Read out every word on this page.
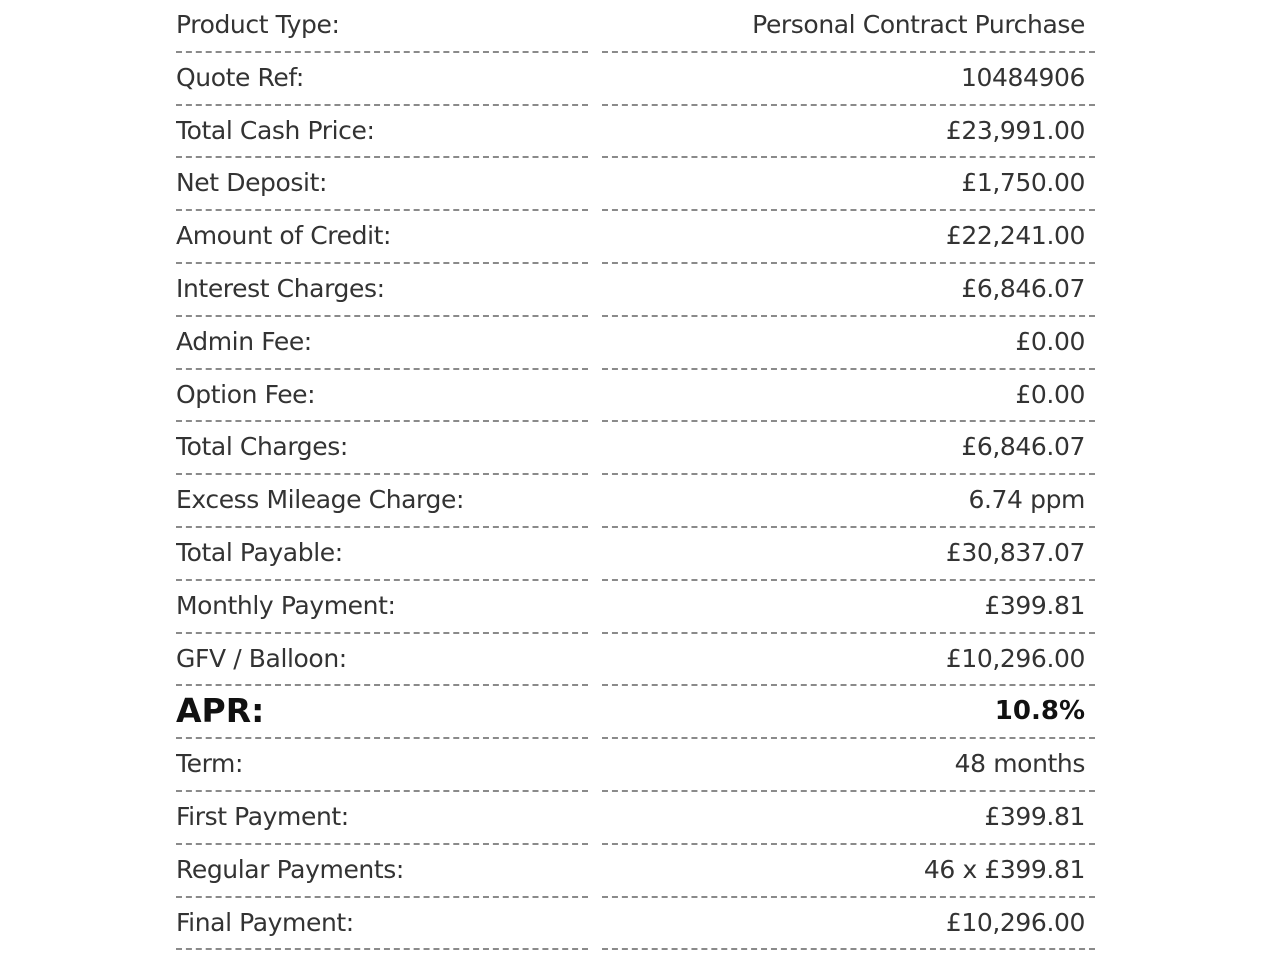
Product Type:	Personal Contract Purchase
Quote Ref:	10484906
Total Cash Price:	£23,991.00
Net Deposit:	£1,750.00
Amount of Credit:	£22,241.00
Interest Charges:	£6,846.07
Admin Fee:	£0.00
Option Fee:	£0.00
Total Charges:	£6,846.07
Excess Mileage Charge:	6.74 ppm
Total Payable:	£30,837.07
Monthly Payment:	£399.81
GFV / Balloon:	£10,296.00
APR:	10.8%
Term:	48 months
First Payment:	£399.81
Regular Payments:	46 x £399.81
Final Payment:	£10,296.00
